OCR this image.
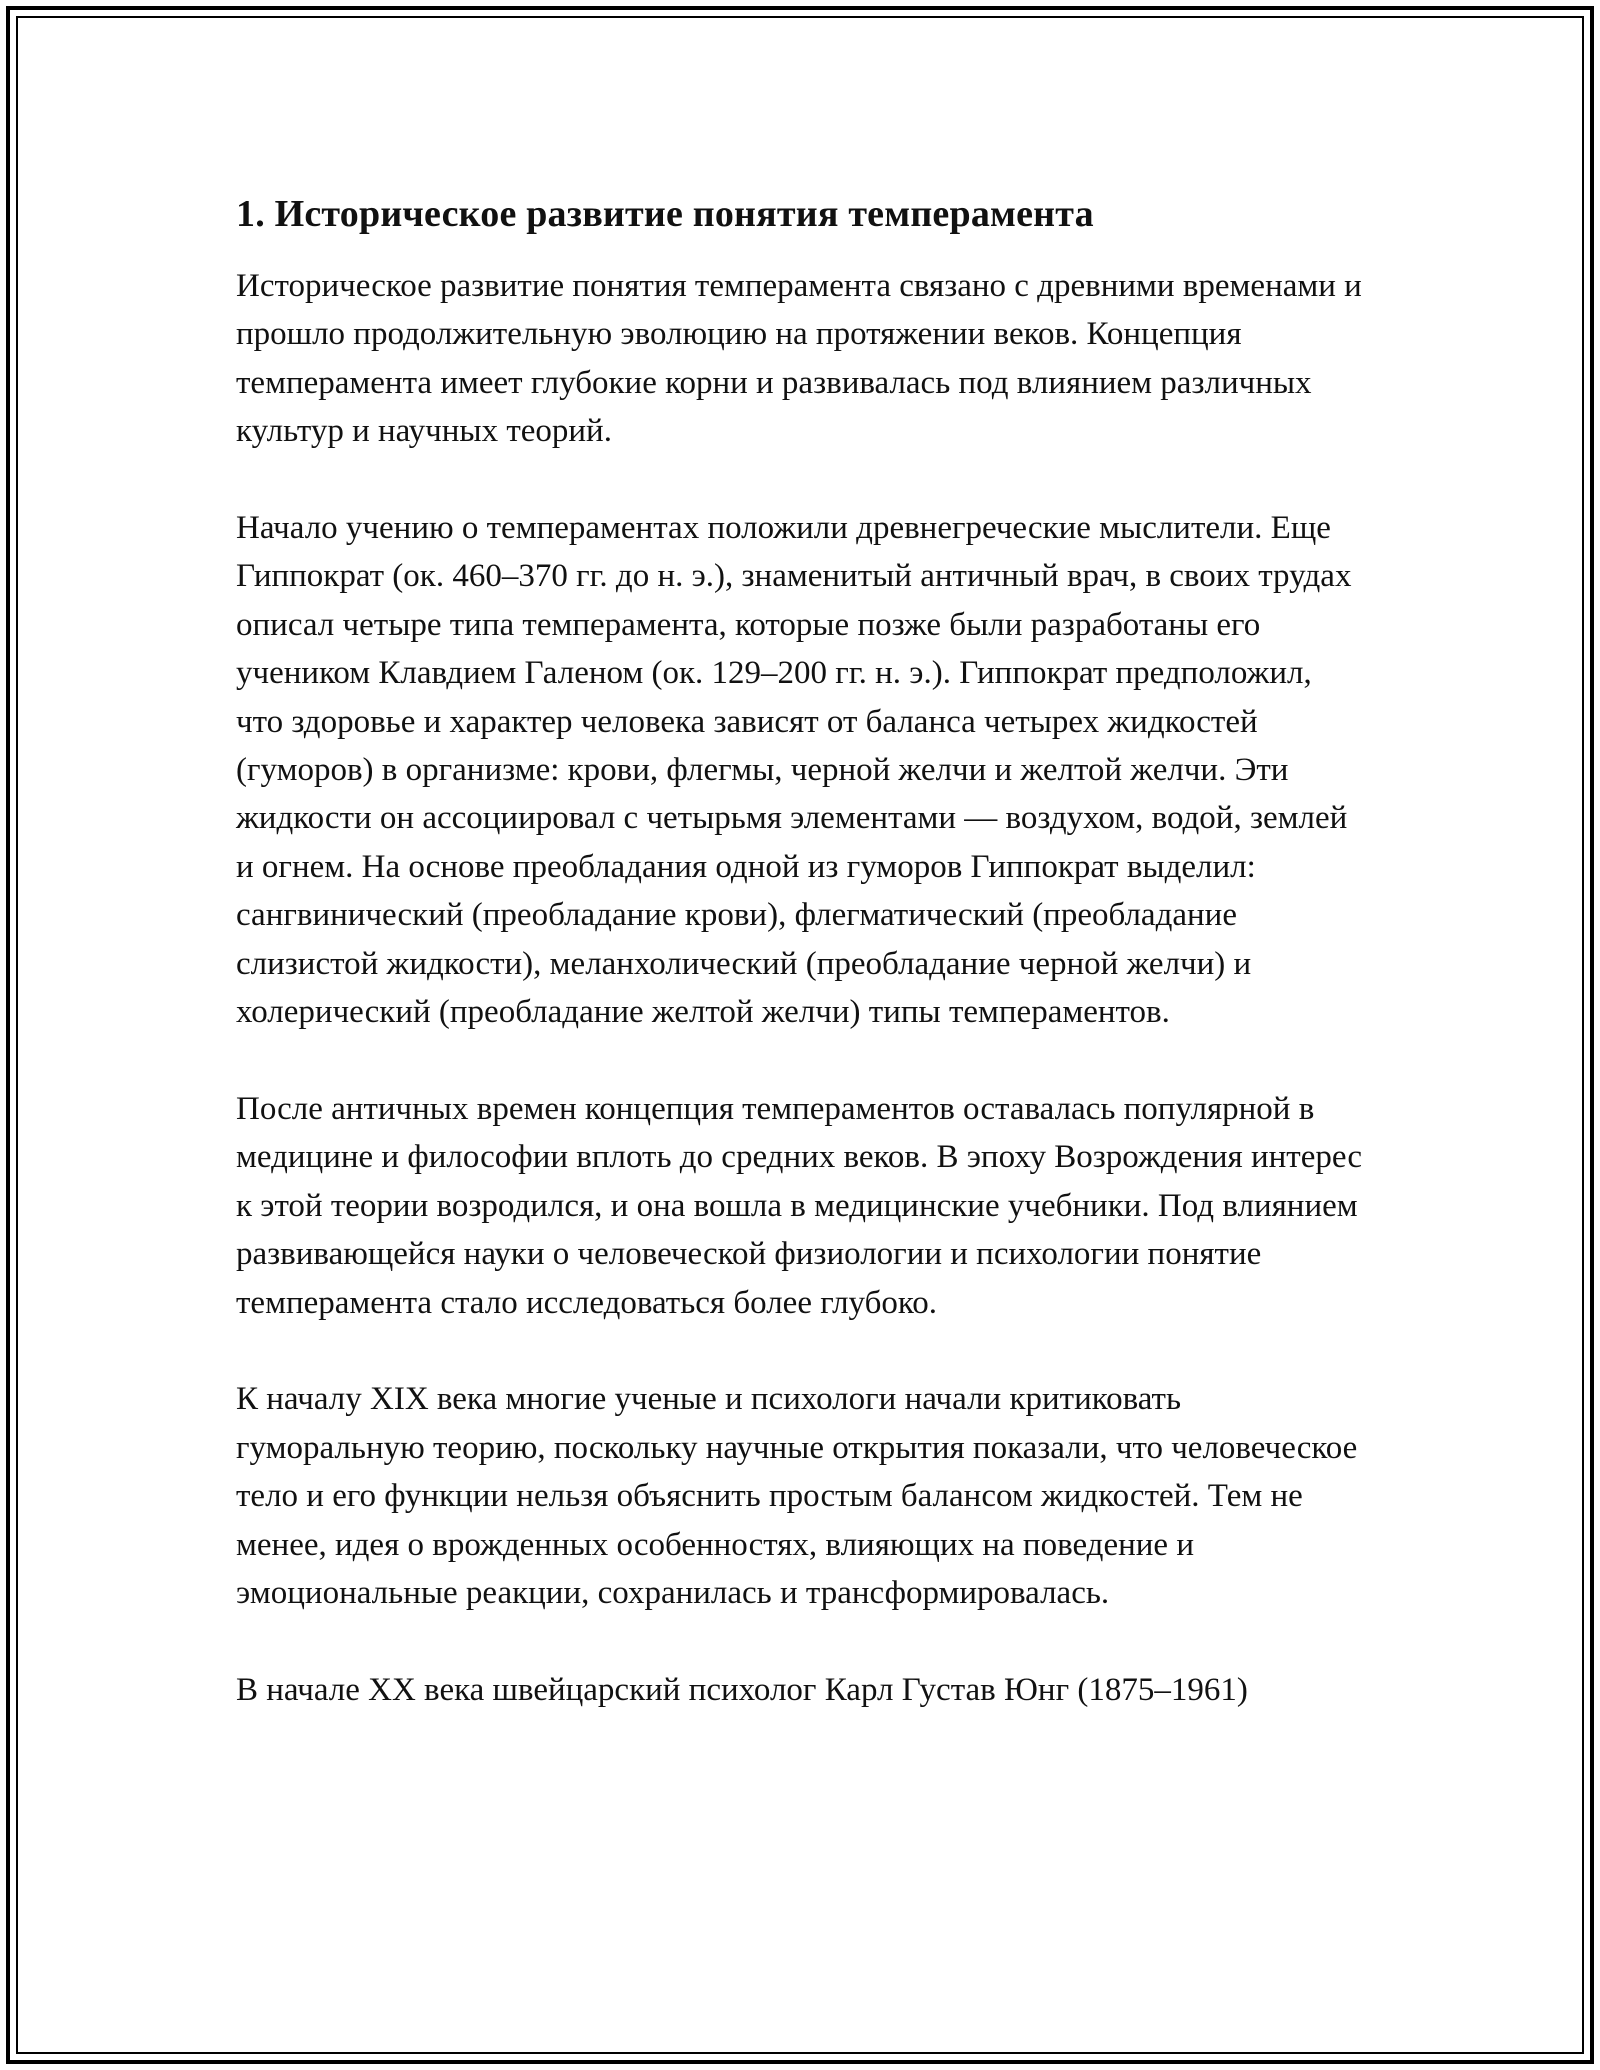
1. Историческое развитие понятия темперамента

Историческое развитие понятия темперамента связано с древними временами и прошло продолжительную эволюцию на протяжении веков. Концепция темперамента имеет глубокие корни и развивалась под влиянием различных культур и научных теорий.

Начало учению о темпераментах положили древнегреческие мыслители. Еще Гиппократ (ок. 460–370 гг. до н. э.), знаменитый античный врач, в своих трудах описал четыре типа темперамента, которые позже были разработаны его учеником Клавдием Галеном (ок. 129–200 гг. н. э.). Гиппократ предположил, что здоровье и характер человека зависят от баланса четырех жидкостей (гуморов) в организме: крови, флегмы, черной желчи и желтой желчи. Эти жидкости он ассоциировал с четырьмя элементами — воздухом, водой, землей и огнем. На основе преобладания одной из гуморов Гиппократ выделил: сангвинический (преобладание крови), флегматический (преобладание слизистой жидкости), меланхолический (преобладание черной желчи) и холерический (преобладание желтой желчи) типы темпераментов.

После античных времен концепция темпераментов оставалась популярной в медицине и философии вплоть до средних веков. В эпоху Возрождения интерес к этой теории возродился, и она вошла в медицинские учебники. Под влиянием развивающейся науки о человеческой физиологии и психологии понятие темперамента стало исследоваться более глубоко.

К началу XIX века многие ученые и психологи начали критиковать гуморальную теорию, поскольку научные открытия показали, что человеческое тело и его функции нельзя объяснить простым балансом жидкостей. Тем не менее, идея о врожденных особенностях, влияющих на поведение и эмоциональные реакции, сохранилась и трансформировалась.

В начале XX века швейцарский психолог Карл Густав Юнг (1875–1961)
